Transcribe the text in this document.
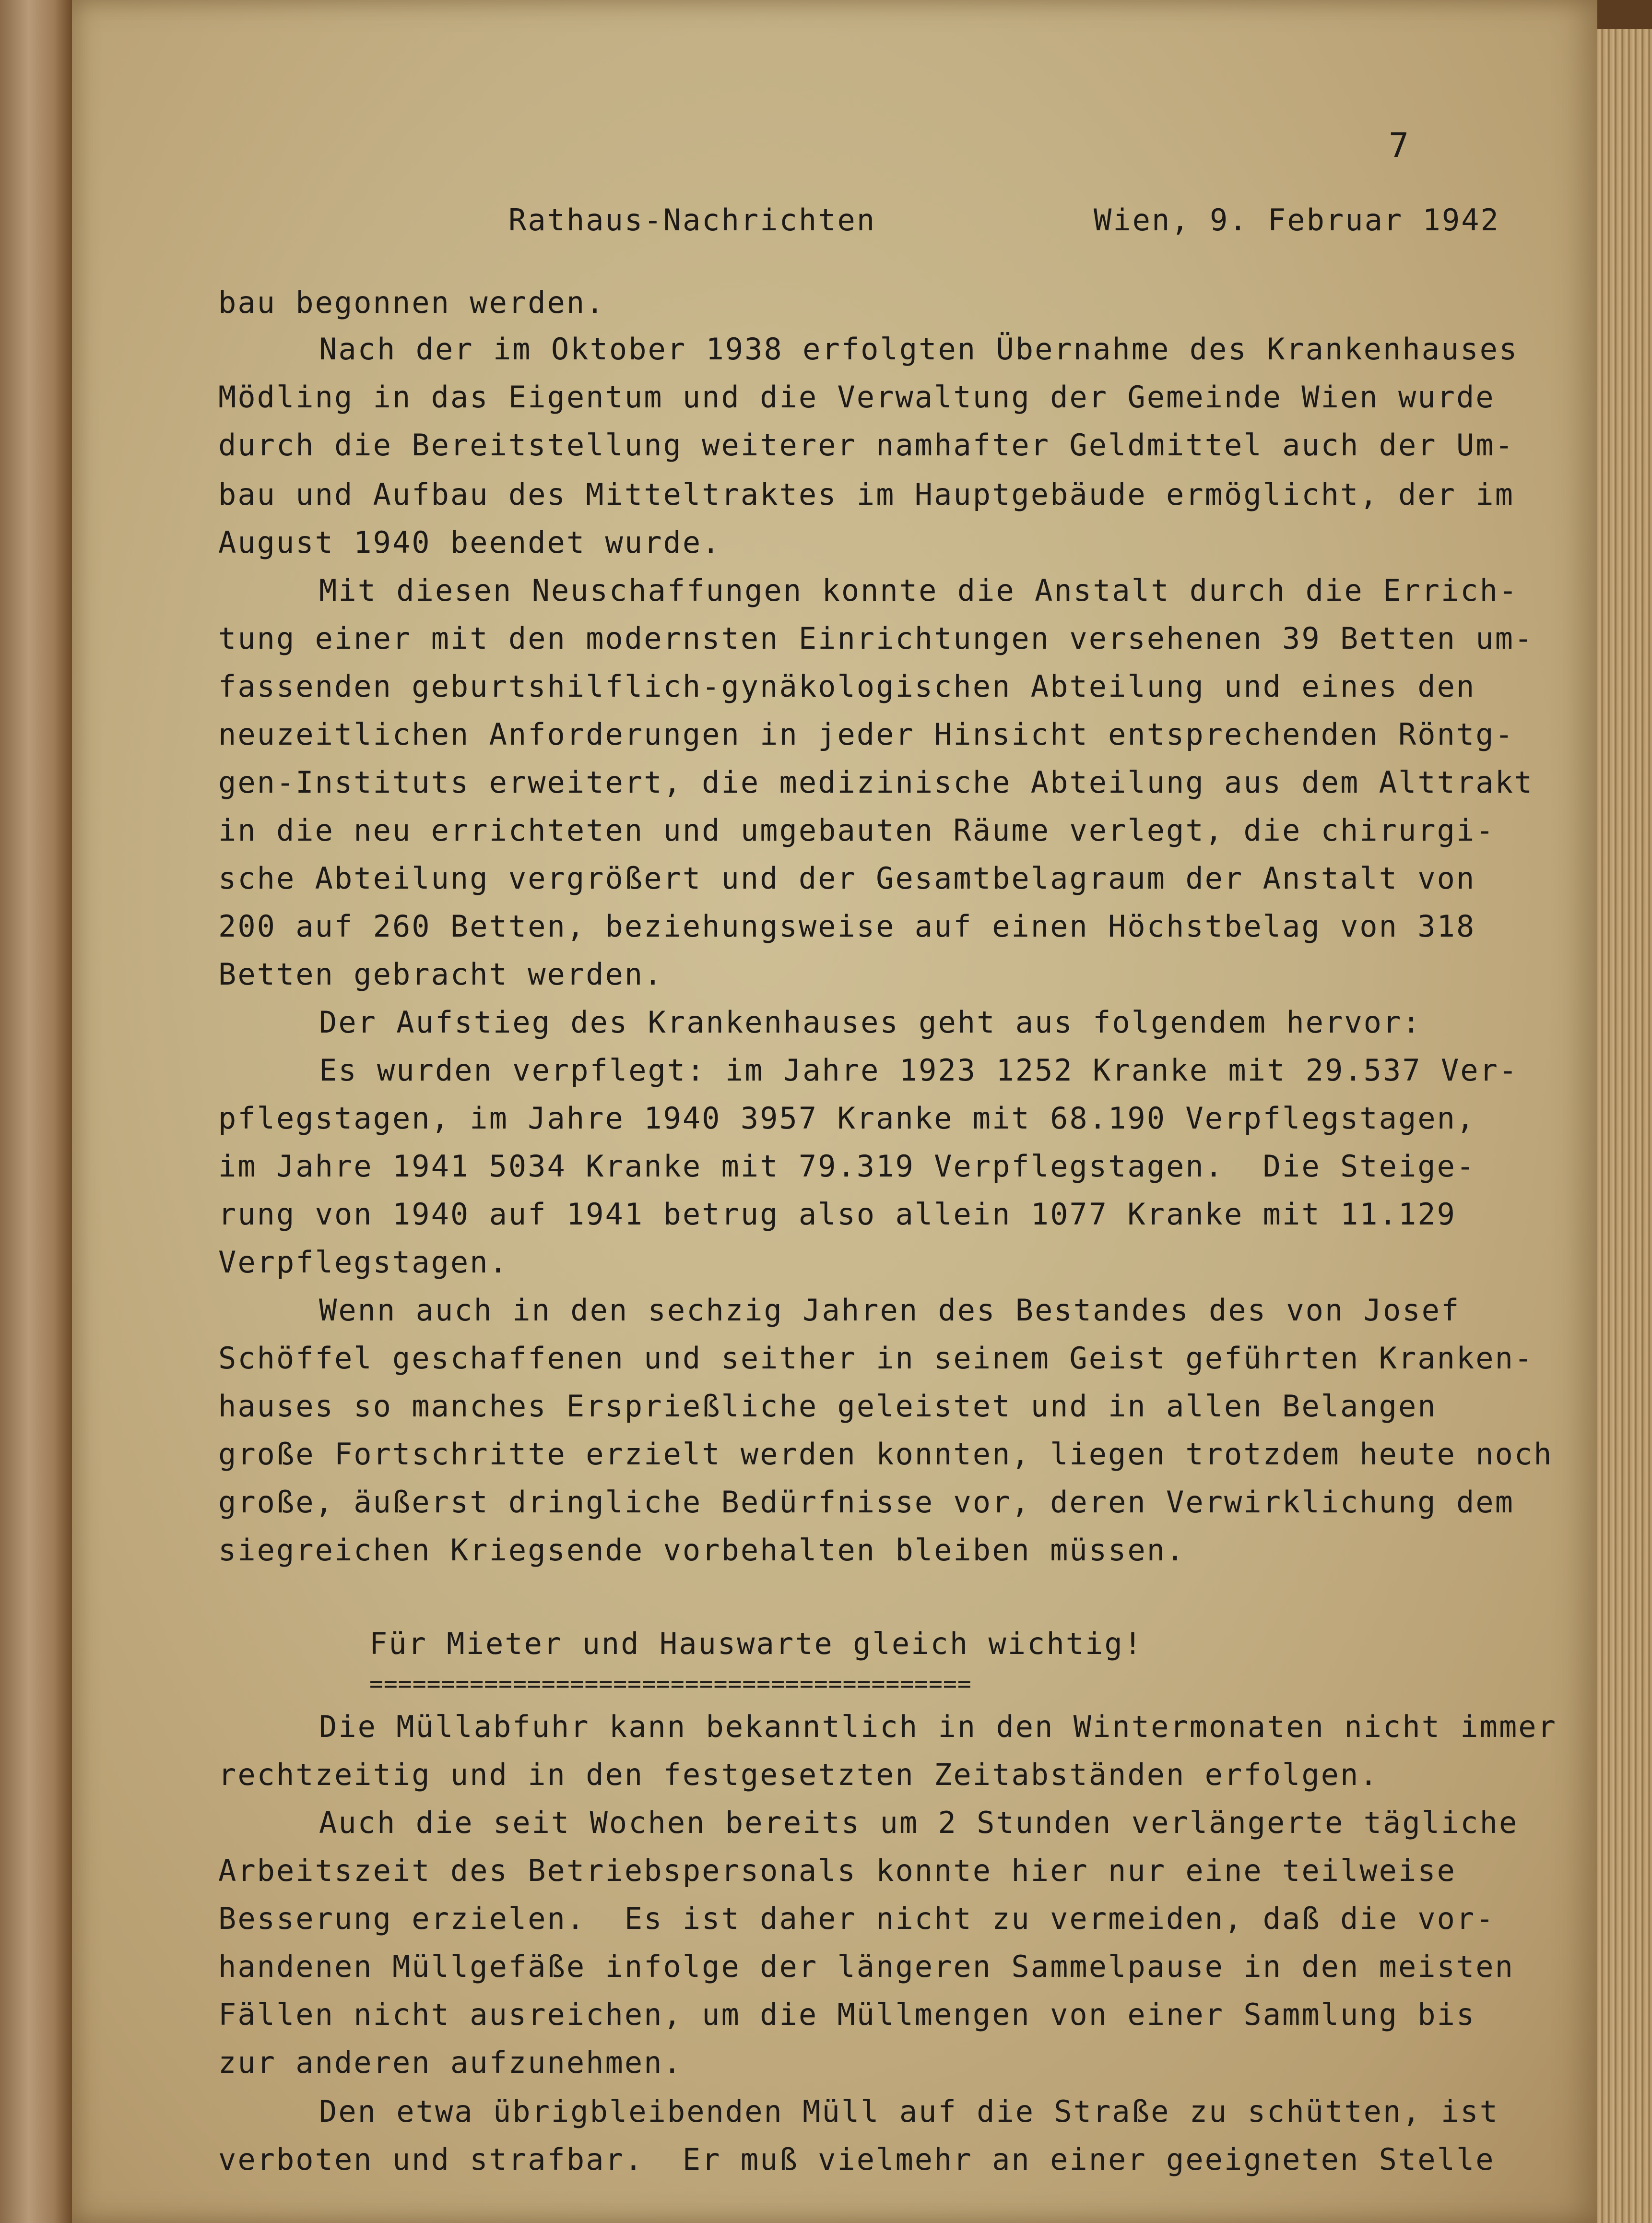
7
Rathaus-Nachrichten	Wien, 9. Februar 1942
bau begonnen werden.
Nach der im Oktober 1938 erfolgten Übernahme des Krankenhauses
Mödling in das Eigentum und die Verwaltung der Gemeinde Wien wurde
durch die Bereitstellung weiterer namhafter Geldmittel auch der Um-
bau und Aufbau des Mitteltraktes im Hauptgebäude ermöglicht, der im
August 1940 beendet wurde.
Mit diesen Neuschaffungen konnte die Anstalt durch die Errich-
tung einer mit den modernsten Einrichtungen versehenen 39 Betten um-
fassenden geburtshilflich-gynäkologischen Abteilung und eines den
neuzeitlichen Anforderungen in jeder Hinsicht entsprechenden Röntg-
gen-Instituts erweitert, die medizinische Abteilung aus dem Alttrakt
in die neu errichteten und umgebauten Räume verlegt, die chirurgi-
sche Abteilung vergrößert und der Gesamtbelagraum der Anstalt von
200 auf 260 Betten, beziehungsweise auf einen Höchstbelag von 318
Betten gebracht werden.
Der Aufstieg des Krankenhauses geht aus folgendem hervor:
Es wurden verpflegt: im Jahre 1923 1252 Kranke mit 29.537 Ver-
pflegstagen, im Jahre 1940 3957 Kranke mit 68.190 Verpflegstagen,
im Jahre 1941 5034 Kranke mit 79.319 Verpflegstagen.  Die Steige-
rung von 1940 auf 1941 betrug also allein 1077 Kranke mit 11.129
Verpflegstagen.
Wenn auch in den sechzig Jahren des Bestandes des von Josef
Schöffel geschaffenen und seither in seinem Geist geführten Kranken-
hauses so manches Ersprießliche geleistet und in allen Belangen
große Fortschritte erzielt werden konnten, liegen trotzdem heute noch
große, äußerst dringliche Bedürfnisse vor, deren Verwirklichung dem
siegreichen Kriegsende vorbehalten bleiben müssen.
Für Mieter und Hauswarte gleich wichtig!
==========================================
Die Müllabfuhr kann bekanntlich in den Wintermonaten nicht immer
rechtzeitig und in den festgesetzten Zeitabständen erfolgen.
Auch die seit Wochen bereits um 2 Stunden verlängerte tägliche
Arbeitszeit des Betriebspersonals konnte hier nur eine teilweise
Besserung erzielen.  Es ist daher nicht zu vermeiden, daß die vor-
handenen Müllgefäße infolge der längeren Sammelpause in den meisten
Fällen nicht ausreichen, um die Müllmengen von einer Sammlung bis
zur anderen aufzunehmen.
Den etwa übrigbleibenden Müll auf die Straße zu schütten, ist
verboten und strafbar.  Er muß vielmehr an einer geeigneten Stelle
